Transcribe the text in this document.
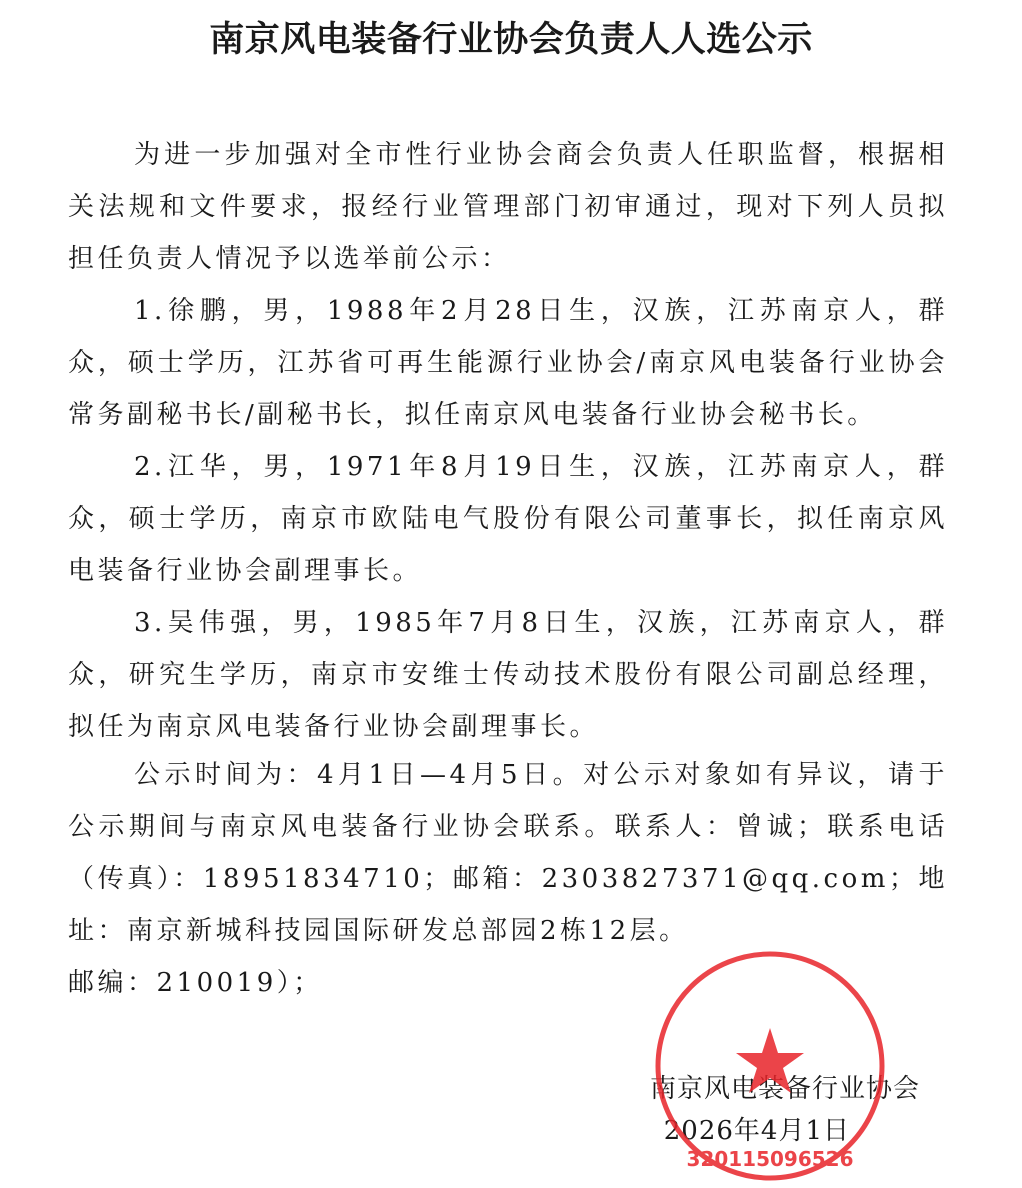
南京风电装备行业协会负责人人选公示
为进一步加强对全市性行业协会商会负责人任职监督，根据相关法规和文件要求，报经行业管理部门初审通过，现对下列人员拟担任负责人情况予以选举前公示：
1.徐鹏，男，1988年2月28日生，汉族，江苏南京人，群众，硕士学历，江苏省可再生能源行业协会/南京风电装备行业协会常务副秘书长/副秘书长，拟任南京风电装备行业协会秘书长。
2.江华，男，1971年8月19日生，汉族，江苏南京人，群众，硕士学历，南京市欧陆电气股份有限公司董事长，拟任南京风电装备行业协会副理事长。
3.吴伟强，男，1985年7月8日生，汉族，江苏南京人，群众，研究生学历，南京市安维士传动技术股份有限公司副总经理，拟任为南京风电装备行业协会副理事长。
公示时间为：4月1日—4月5日。对公示对象如有异议，请于公示期间与南京风电装备行业协会联系。联系人：曾诚；联系电话（传真）：18951834710；邮箱：2303827371@qq.com；地址：南京新城科技园国际研发总部园2栋12层。
邮编：210019）；
南京风电装备行业协会
2026年4月1日
320115096526
